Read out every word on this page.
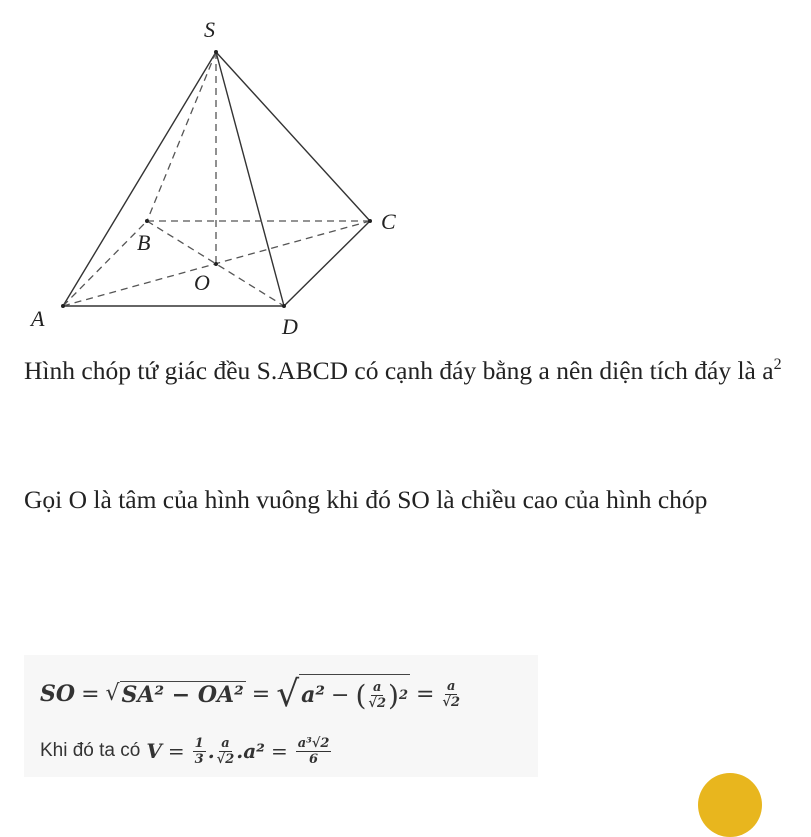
S
A
B
C
D
O
Hình chóp tứ giác đều S.ABCD có cạnh đáy bằng a nên diện tích đáy là $a^2$
Gọi O là tâm của hình vuông khi đó SO là chiều cao của hình chóp
SO = √ SA² − OA² = √ a² − ( $\frac{a}{√2}$ ) $2 = \frac{a}{√2}$
Khi đó ta có $V = \frac{1}{3}$ . $\frac{a}{√2}$ . $a^2 = \frac{\text{a³√2}}{6}$
